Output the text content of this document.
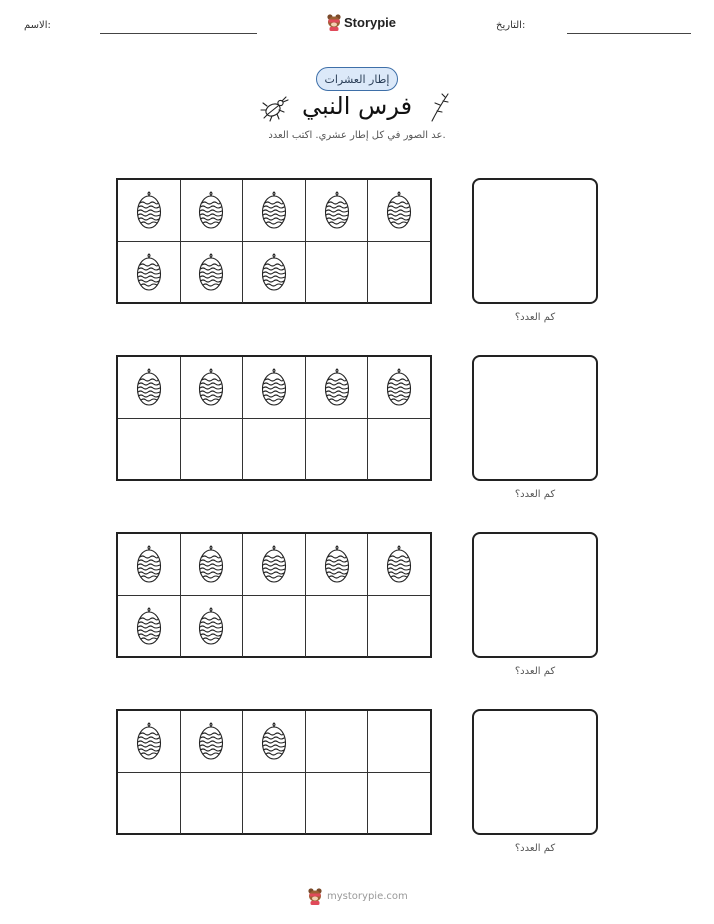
الاسم:	Storypie	التاريخ:
إطار العشرات
فرس النبي
عد الصور في كل إطار عشري. اكتب العدد.
كم العدد؟
كم العدد؟
كم العدد؟
كم العدد؟
mystorypie.com
